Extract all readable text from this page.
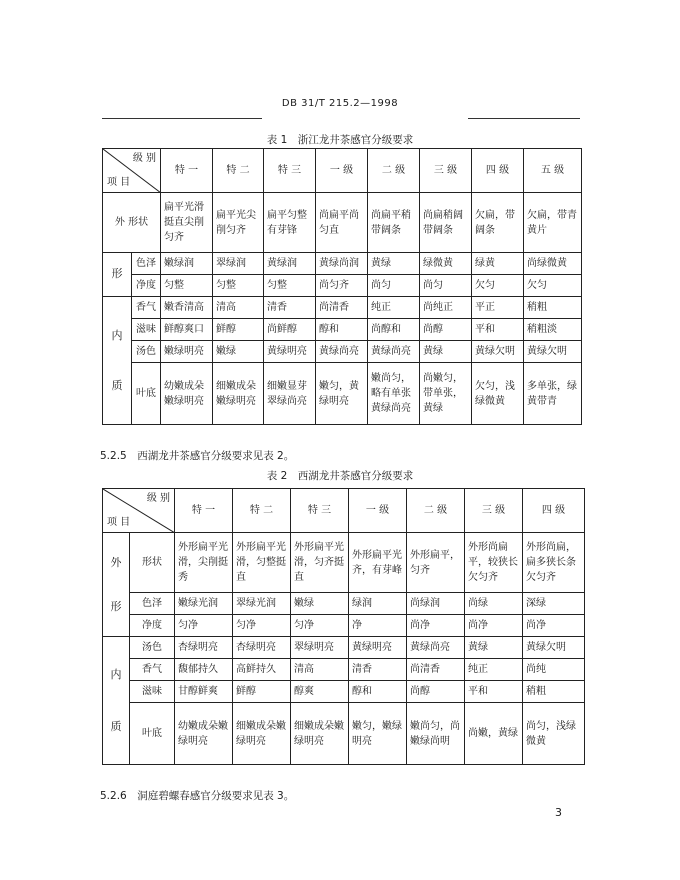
DB 31/T 215.2—1998
表 1　浙江龙井茶感官分级要求
级 别
项 目		特 一	特 二	特 三	一 级	二 级	三 级	四 级	五 级
外 形状		扁平光滑挺直尖削匀齐	扁平光尖削匀齐	扁平匀整有芽锋	尚扁平尚匀直	尚扁平稍带阔条	尚扁稍阔带阔条	欠扁，带阔条	欠扁，带青黄片
形	色泽	嫩绿润	翠绿润	黄绿润	黄绿尚润	黄绿	绿微黄	绿黄	尚绿微黄
	净度	匀整	匀整	匀整	尚匀齐	尚匀	尚匀	欠匀	欠匀

内
质	香气	嫩香清高	清高	清香	尚清香	纯正	尚纯正	平正	稍粗
	滋味	鲜醇爽口	鲜醇	尚鲜醇	醇和	尚醇和	尚醇	平和	稍粗淡
	汤色	嫩绿明亮	嫩绿	黄绿明亮	黄绿尚亮	黄绿尚亮	黄绿	黄绿欠明	黄绿欠明
	叶底	幼嫩成朵嫩绿明亮	细嫩成朵嫩绿明亮	细嫩显芽翠绿尚亮	嫩匀，黄绿明亮	嫩尚匀，略有单张黄绿尚亮	尚嫩匀，带单张，黄绿	欠匀，浅绿微黄	多单张，绿黄带青
5.2.5　西湖龙井茶感官分级要求见表 2。
表 2　西湖龙井茶感官分级要求
级 别
项 目		特 一	特 二	特 三	一 级	二 级	三 级	四 级

外
形	形状	外形扁平光滑，尖削挺秀	外形扁平光滑，匀整挺直	外形扁平光滑，匀齐挺直	外形扁平光齐，有芽峰	外形扁平，匀齐	外形尚扁平，较狭长欠匀齐	外形尚扁，扁多狭长条欠匀齐
	色泽	嫩绿光润	翠绿光润	嫩绿	绿润	尚绿润	尚绿	深绿
	净度	匀净	匀净	匀净	净	尚净	尚净	尚净

内
质	汤色	杏绿明亮	杏绿明亮	翠绿明亮	黄绿明亮	黄绿尚亮	黄绿	黄绿欠明
	香气	馥郁持久	高鲜持久	清高	清香	尚清香	纯正	尚纯
	滋味	甘醇鲜爽	鲜醇	醇爽	醇和	尚醇	平和	稍粗
	叶底	幼嫩成朵嫩绿明亮	细嫩成朵嫩绿明亮	细嫩成朵嫩绿明亮	嫩匀，嫩绿明亮	嫩尚匀，尚嫩绿尚明	尚嫩，黄绿	尚匀，浅绿微黄
5.2.6　洞庭碧螺春感官分级要求见表 3。
3
